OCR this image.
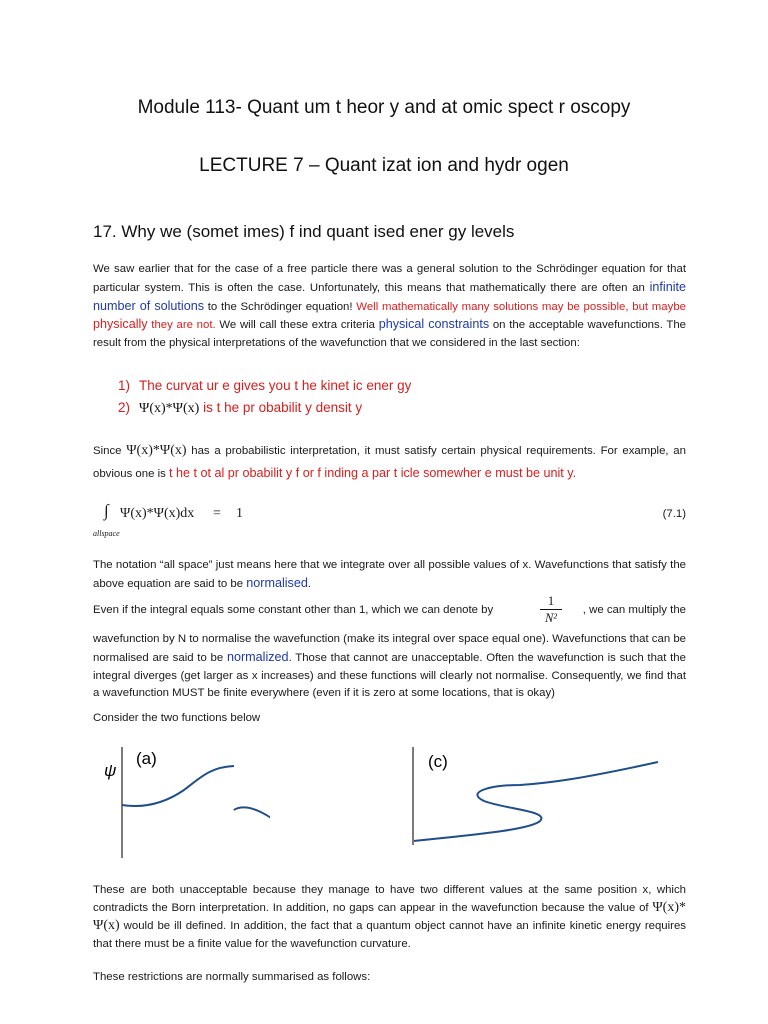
Module 113- Quant um t heor y and at omic spect r oscopy
LECTURE 7 – Quant izat ion and hydr ogen
17. Why we (somet imes) f ind quant ised ener gy levels

We saw earlier that for the case of a free particle there was a general solution to the Schrödinger equation for that particular system. This is often the case. Unfortunately, this means that mathematically there are often an infinite number of solutions to the Schrödinger equation! Well mathematically many solutions may be possible, but maybe physically they are not. We will call these extra criteria physical constraints on the acceptable wavefunctions. The result from the physical interpretations of the wavefunction that we considered in the last section:

1) The curvat ur e gives you t he kinet ic ener gy
2) Ψ(x)*Ψ(x) is t he pr obabilit y densit y

Since Ψ(x)*Ψ(x) has a probabilistic interpretation, it must satisfy certain physical requirements. For example, an obvious one is t he t ot al pr obabilit y f or f inding a par t icle somewher e must be unit y.

∫
allspace
Ψ(x)*Ψ(x)dx = 1	(7.1)

The notation “all space” just means here that we integrate over all possible values of x. Wavefunctions that satisfy the above equation are said to be normalised.

Even if the integral equals some constant other than 1, which we can denote by
1
N²
, we can multiply the

wavefunction by N to normalise the wavefunction (make its integral over space equal one). Wavefunctions that can be normalised are said to be normalized. Those that cannot are unacceptable. Often the wavefunction is such that the integral diverges (get larger as x increases) and these functions will clearly not normalise. Consequently, we find that a wavefunction MUST be finite everywhere (even if it is zero at some locations, that is okay)

Consider the two functions below
ψ
(a)	(c)

These are both unacceptable because they manage to have two different values at the same position x, which contradicts the Born interpretation. In addition, no gaps can appear in the wavefunction because the value of Ψ(x)* Ψ(x) would be ill defined. In addition, the fact that a quantum object cannot have an infinite kinetic energy requires that there must be a finite value for the wavefunction curvature.

These restrictions are normally summarised as follows:
